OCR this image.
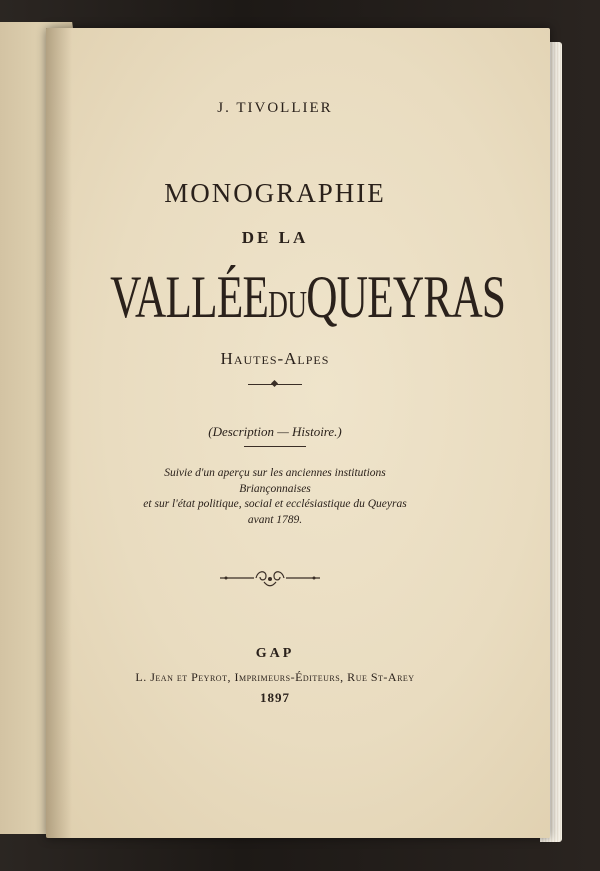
J. TIVOLLIER
MONOGRAPHIE
DE LA
VALLÉEDUQUEYRAS
Hautes-Alpes
(Description — Histoire.)
Suivie d'un aperçu sur les anciennes institutions
Briançonnaises
et sur l'état politique, social et ecclésiastique du Queyras
avant 1789.
GAP
L. Jean et Peyrot, Imprimeurs-Éditeurs, Rue St-Arey
1897
